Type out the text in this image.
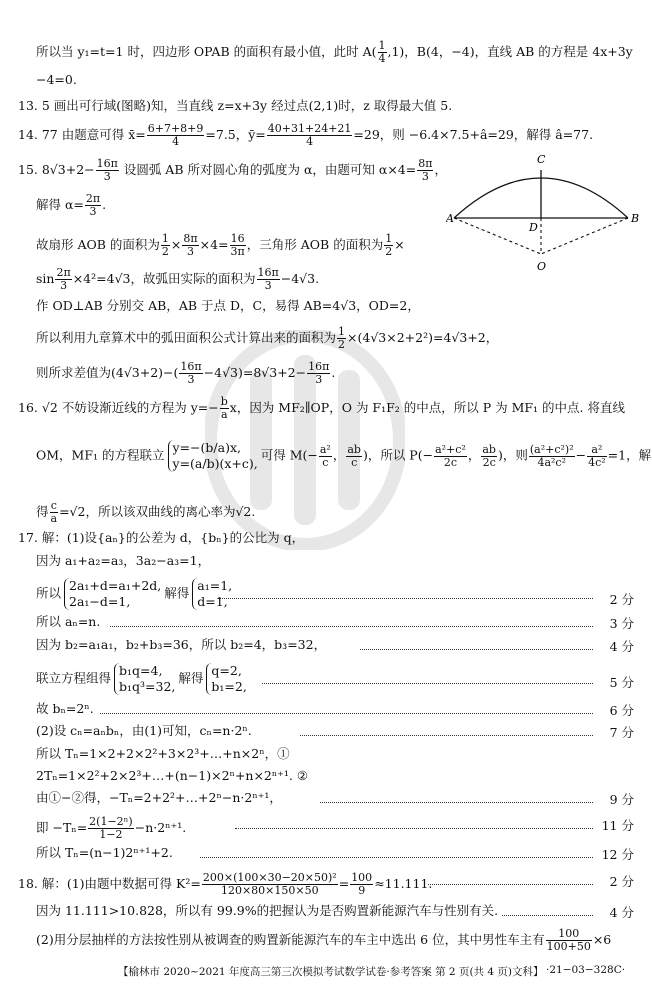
所以当 y₁=t=1 时，四边形 OPAB 的面积有最小值，此时 $A( \frac{1}{4} ,1)$，B(4，−4)，直线 AB 的方程是 4x+3y
−4=0.
13. 5 画出可行域(图略)知，当直线 z=x+3y 经过点(2,1)时，z 取得最大值 5.
14. 77 由题意可得 x̄= $\frac{6+7+8+9}{4} =7.5$，ȳ= $\frac{40+31+24+21}{4} =29$，则 −6.4×7.5+â=29，解得 â=77.
15. $8√3+2- \frac{16\pi}{3}$ 设圆弧 AB 所对圆心角的弧度为 α，由题可知 $\alpha\times 4= \frac{8\pi}{3}$ ，
解得 $\alpha= \frac{2\pi}{3}$ .
故扇形 AOB 的面积为 $\frac{1}{2} \times \frac{8\pi}{3} \times 4= \frac{16}{3\pi}$ ，三角形 AOB 的面积为 $\frac{1}{2}$ ×
$\sin \frac{2\pi}{3} \times 4^2=4√3$，故弧田实际的面积为 $\frac{16\pi}{3} -4√3$.
作 OD⊥AB 分别交 AB，AB 于点 D，C，易得 AB=4√3，OD=2，
所以利用九章算术中的弧田面积公式计算出来的面积为 $\frac{1}{2} \times(4√3\times 2+2^2)=4√3+2$，
则所求差值为$(4√3+2)-( \frac{16\pi}{3} -4√3)=8√3+2- \frac{16\pi}{3}$ .
A	B
C
D
O
16. √2 不妨设渐近线的方程为 $y=- \frac{b}{a}$ x，因为 MF₂∥OP，O 为 F₁F₂ 的中点，所以 P 为 MF₁ 的中点. 将直线
OM，MF₁ 的方程联立 y=−(b/a)x,
y=(a/b)(x+c),可得 $M(- \frac{\text{a²}}{c}$ ， $\frac{ab}{c}$ )，所以 $P(- \frac{\text{a²+c²}}{2c}$ ， $\frac{ab}{2c}$ )，则 $\frac{\text{(a²+c²)²}}{\text{4a²c²}} - \frac{\text{a²}}{\text{4c²}} =1$，解
得 $\frac{c}{a} =√2$，所以该双曲线的离心率为√2.
17. 解：(1)设{aₙ}的公差为 d，{bₙ}的公比为 q，
因为 a₁+a₂=a₃，3a₂−a₃=1，
所以 2a₁+d=a₁+2d,
2a₁−d=1,解得 a₁=1,
d=1,	2 分
所以 aₙ=n.	3 分
因为 b₂=a₁a₁，b₂+b₃=36，所以 b₂=4，b₃=32，	4 分
联立方程组得 b₁q=4,
b₁q³=32,解得 q=2,
b₁=2,	5 分
故 bₙ=2ⁿ.	6 分
(2)设 cₙ=aₙbₙ，由(1)可知，cₙ=n·2ⁿ.	7 分
所以 Tₙ=1×2+2×2²+3×2³+…+n×2ⁿ，①
2Tₙ=1×2²+2×2³+…+(n−1)×2ⁿ+n×2ⁿ⁺¹. ②
由①−②得，−Tₙ=2+2²+…+2ⁿ−n·2ⁿ⁺¹，	9 分
即 $-T_n= \frac{\text{2(1−2ⁿ)}}{1-2} -n\cdot 2^{n+1}$.	11 分
所以 Tₙ=(n−1)2ⁿ⁺¹+2.	12 分
18. 解：(1)由题中数据可得 $K^2= \frac{\text{200×(100×30−20×50)²}}{120\times 80\times 150\times 50} = \frac{100}{9} \approx 11.111$.	2 分
因为 11.111>10.828，所以有 99.9%的把握认为是否购置新能源汽车与性别有关.	4 分
(2)用分层抽样的方法按性别从被调查的购置新能源汽车的车主中选出 6 位，其中男性车主有 $\frac{100}{100+50} \times 6$
【榆林市 2020~2021 年度高三第三次模拟考试数学试卷·参考答案 第 2 页(共 4 页)文科】 ·21−03−328C·
